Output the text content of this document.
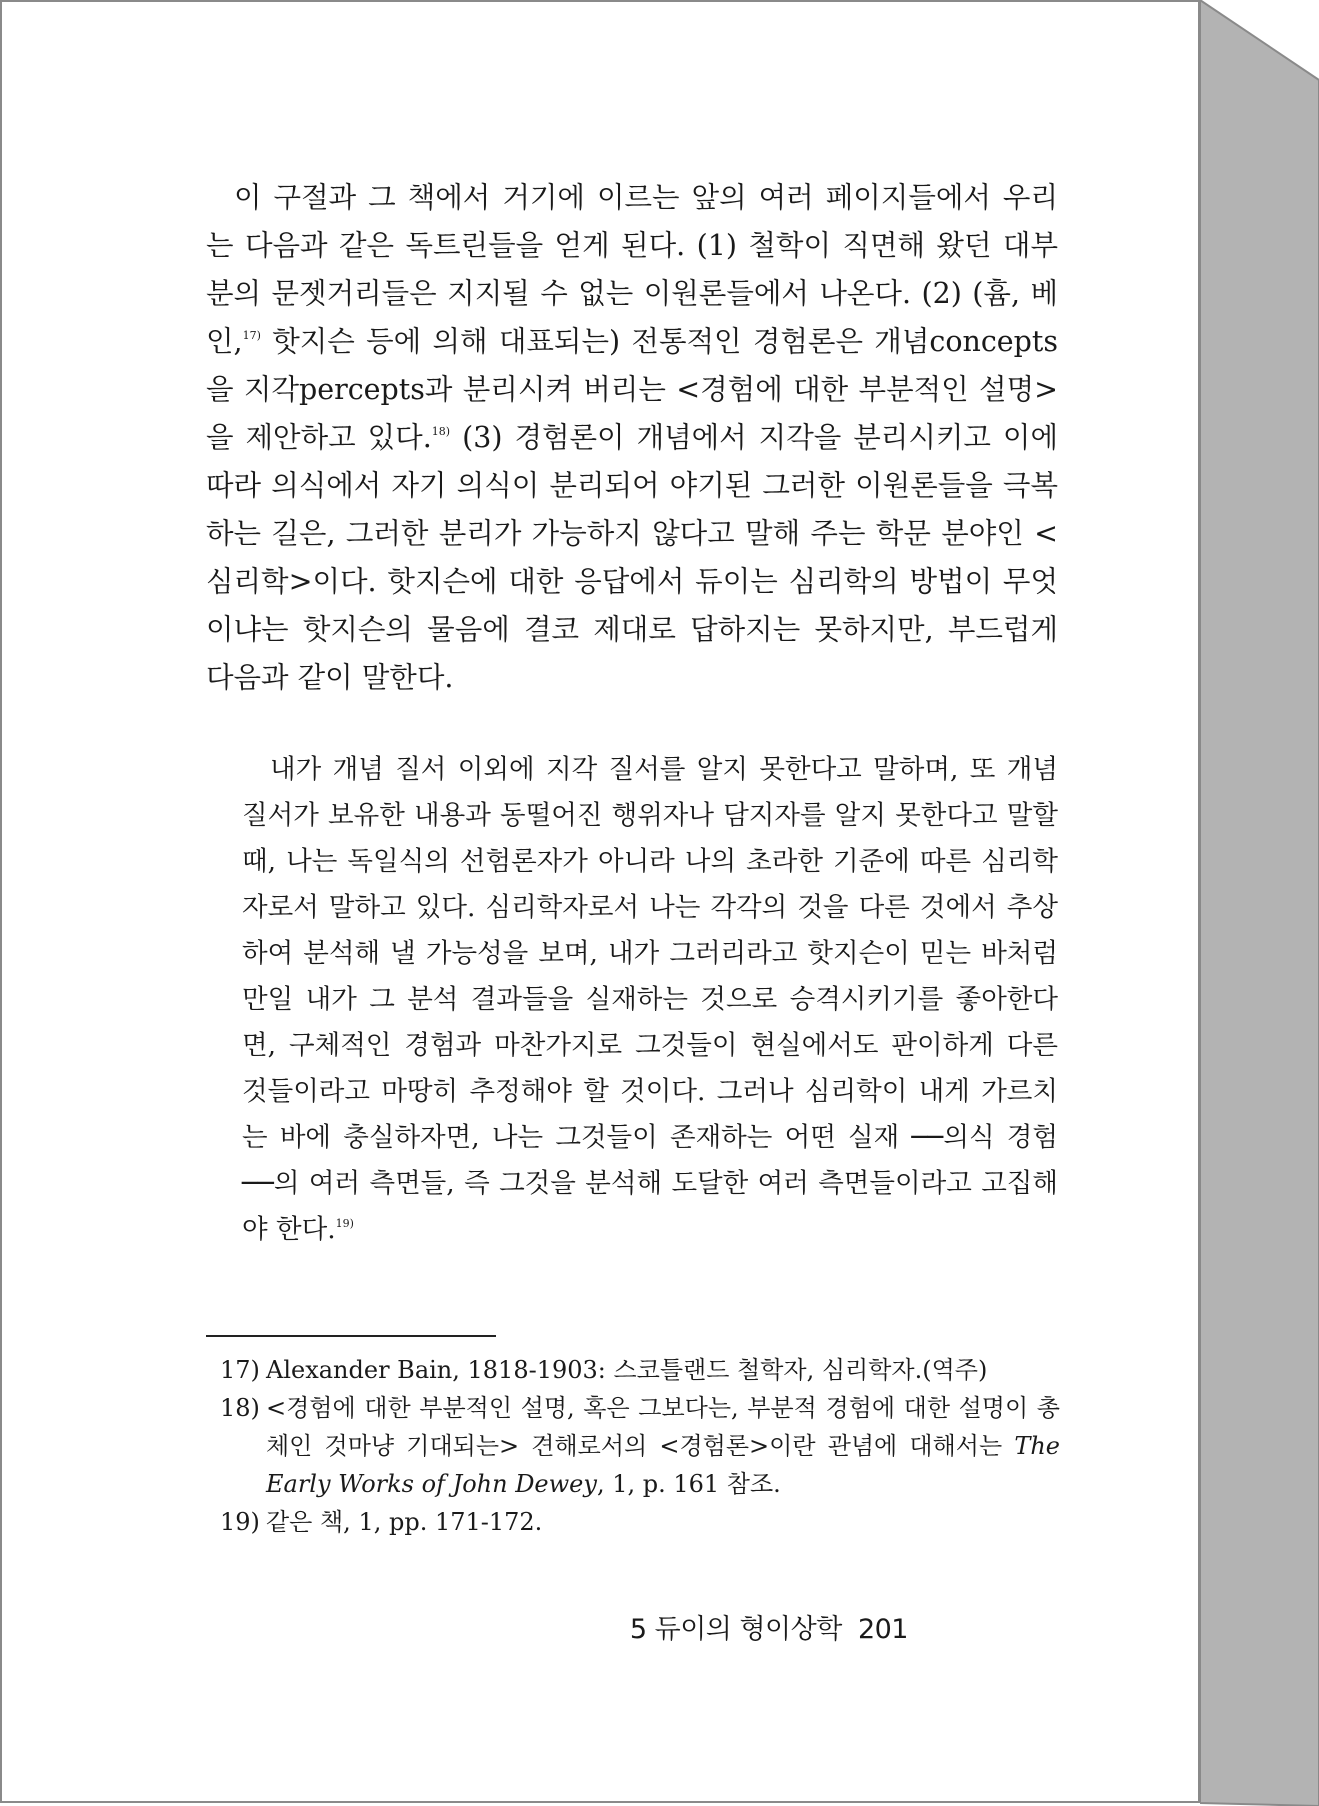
이 구절과 그 책에서 거기에 이르는 앞의 여러 페이지들에서 우리는 다음과 같은 독트린들을 얻게 된다. (1) 철학이 직면해 왔던 대부분의 문젯거리들은 지지될 수 없는 이원론들에서 나온다. (2) (흄, 베인,$^{17)}$ 핫지슨 등에 의해 대표되는) 전통적인 경험론은 개념concepts을 지각percepts과 분리시켜 버리는 <경험에 대한 부분적인 설명>을 제안하고 있다.$^{18)}$ (3) 경험론이 개념에서 지각을 분리시키고 이에 따라 의식에서 자기 의식이 분리되어 야기된 그러한 이원론들을 극복하는 길은, 그러한 분리가 가능하지 않다고 말해 주는 학문 분야인 <심리학>이다. 핫지슨에 대한 응답에서 듀이는 심리학의 방법이 무엇이냐는 핫지슨의 물음에 결코 제대로 답하지는 못하지만, 부드럽게 다음과 같이 말한다.

내가 개념 질서 이외에 지각 질서를 알지 못한다고 말하며, 또 개념 질서가 보유한 내용과 동떨어진 행위자나 담지자를 알지 못한다고 말할 때, 나는 독일식의 선험론자가 아니라 나의 초라한 기준에 따른 심리학자로서 말하고 있다. 심리학자로서 나는 각각의 것을 다른 것에서 추상하여 분석해 낼 가능성을 보며, 내가 그러리라고 핫지슨이 믿는 바처럼 만일 내가 그 분석 결과들을 실재하는 것으로 승격시키기를 좋아한다면, 구체적인 경험과 마찬가지로 그것들이 현실에서도 판이하게 다른 것들이라고 마땅히 추정해야 할 것이다. 그러나 심리학이 내게 가르치는 바에 충실하자면, 나는 그것들이 존재하는 어떤 실재 ──의식 경험 ──의 여러 측면들, 즉 그것을 분석해 도달한 여러 측면들이라고 고집해야 한다.$^{19)}$

17) Alexander Bain, 1818-1903: 스코틀랜드 철학자, 심리학자.(역주)
18) <경험에 대한 부분적인 설명, 혹은 그보다는, 부분적 경험에 대한 설명이 총체인 것마냥 기대되는> 견해로서의 <경험론>이란 관념에 대해서는 The Early Works of John Dewey, 1, p. 161 참조.
19) 같은 책, 1, pp. 171-172.
5 듀이의 형이상학 201
